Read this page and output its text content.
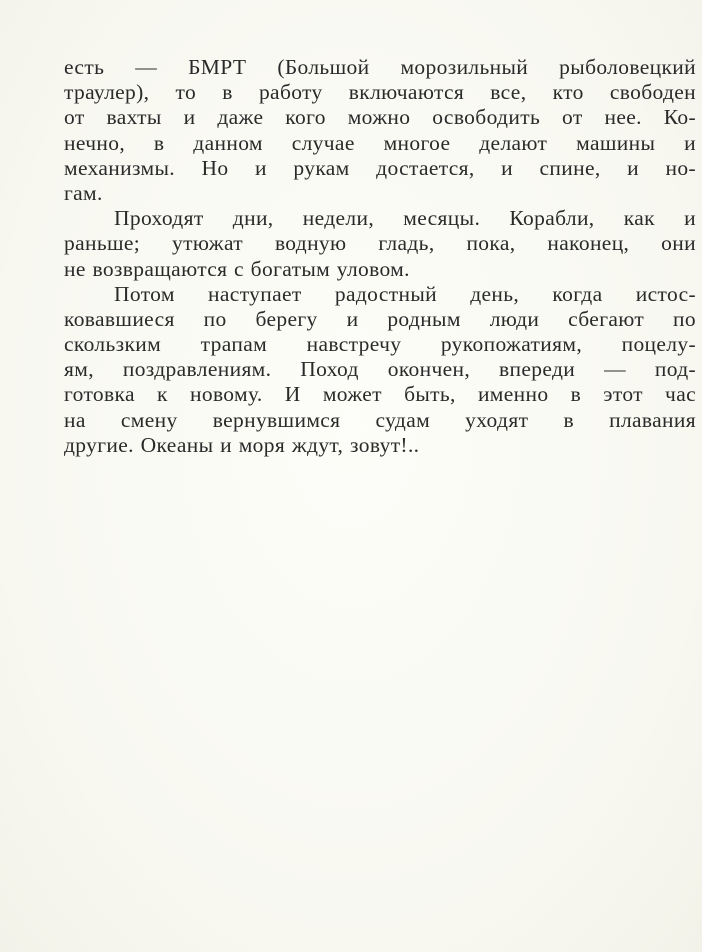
есть — БМРТ (Большой морозильный рыболовецкий
траулер), то в работу включаются все, кто свободен
от вахты и даже кого можно освободить от нее. Ко-
нечно, в данном случае многое делают машины и
механизмы. Но и рукам достается, и спине, и но-
гам.
Проходят дни, недели, месяцы. Корабли, как и
раньше; утюжат водную гладь, пока, наконец, они
не возвращаются с богатым уловом.
Потом наступает радостный день, когда истос-
ковавшиеся по берегу и родным люди сбегают по
скользким трапам навстречу рукопожатиям, поцелу-
ям, поздравлениям. Поход окончен, впереди — под-
готовка к новому. И может быть, именно в этот час
на смену вернувшимся судам уходят в плавания
другие. Океаны и моря ждут, зовут!..
